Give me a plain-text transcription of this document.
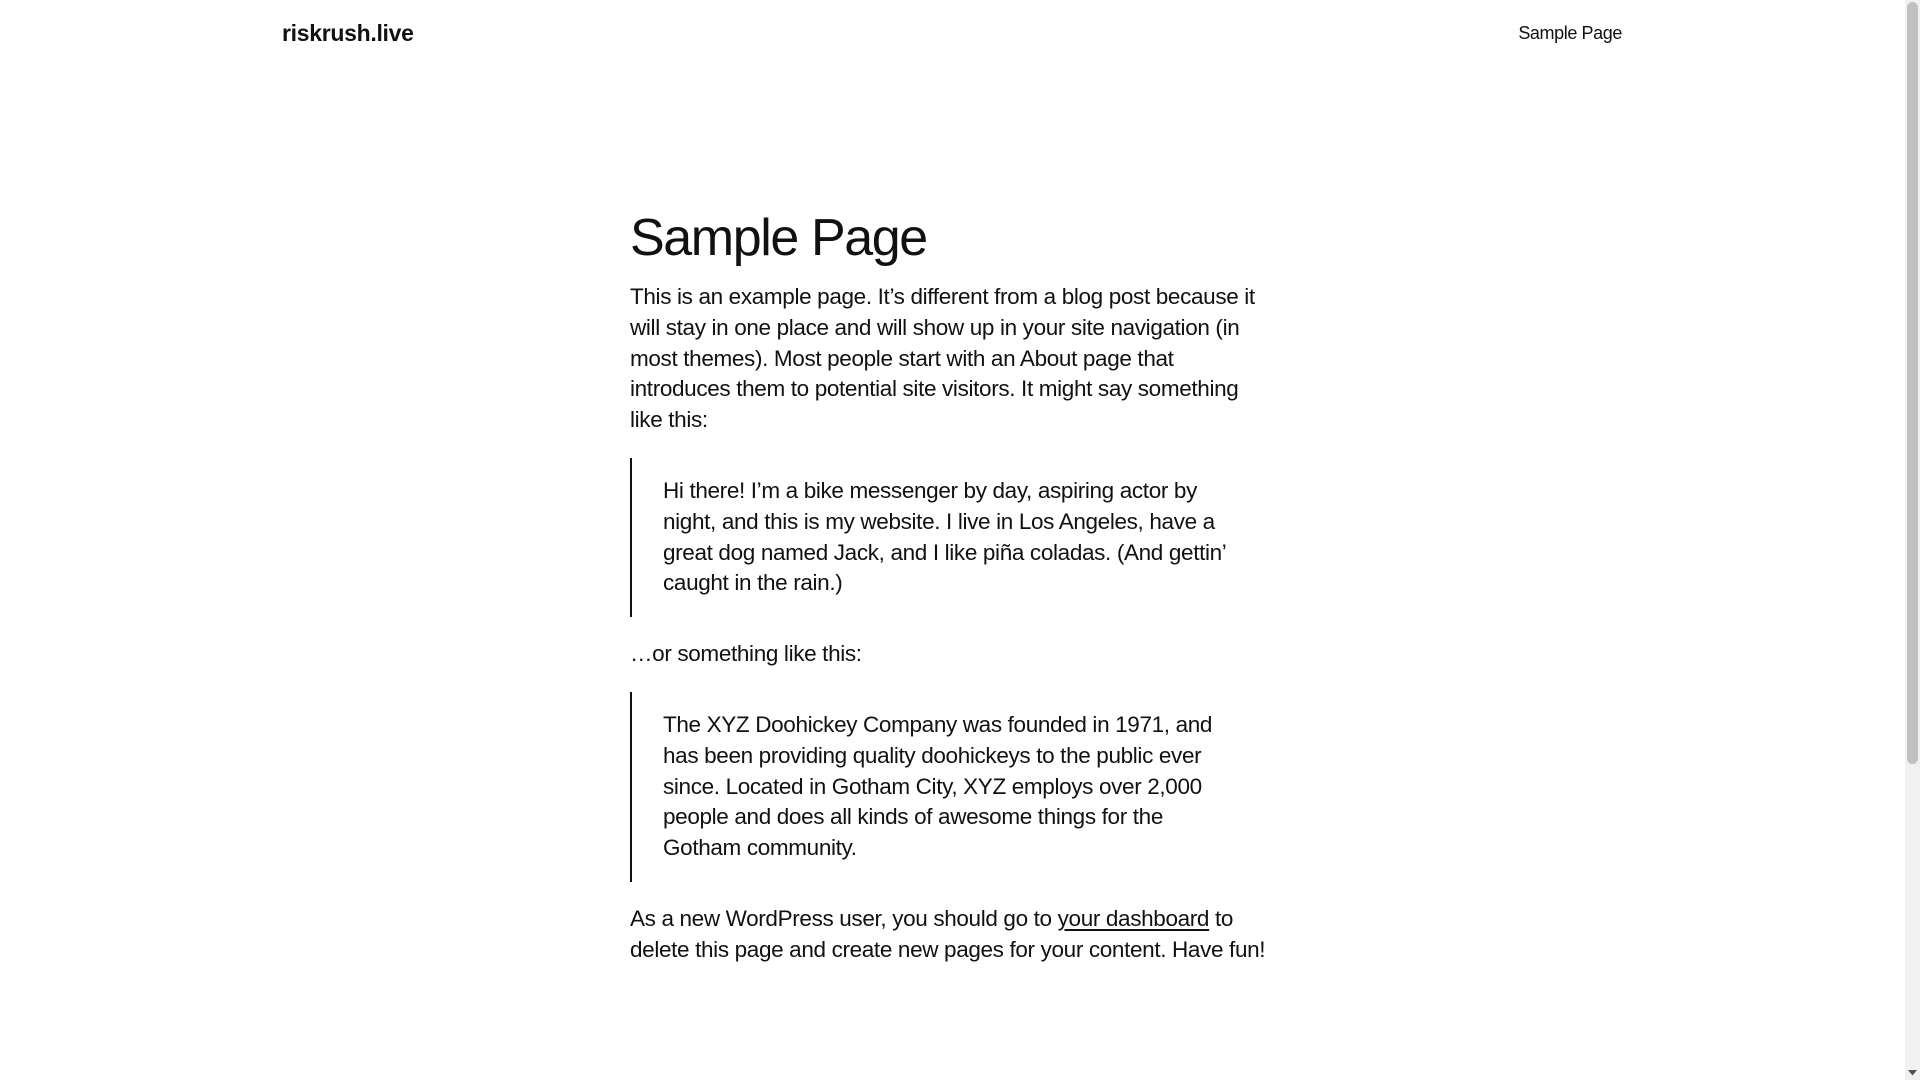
riskrush.live	Sample Page
Sample Page

This is an example page. It’s different from a blog post because it will stay in one place and will show up in your site navigation (in most themes). Most people start with an About page that introduces them to potential site visitors. It might say something like this:

Hi there! I’m a bike messenger by day, aspiring actor by night, and this is my website. I live in Los Angeles, have a great dog named Jack, and I like piña coladas. (And gettin’ caught in the rain.)

…or something like this:

The XYZ Doohickey Company was founded in 1971, and has been providing quality doohickeys to the public ever since. Located in Gotham City, XYZ employs over 2,000 people and does all kinds of awesome things for the Gotham community.

As a new WordPress user, you should go to your dashboard to delete this page and create new pages for your content. Have fun!
